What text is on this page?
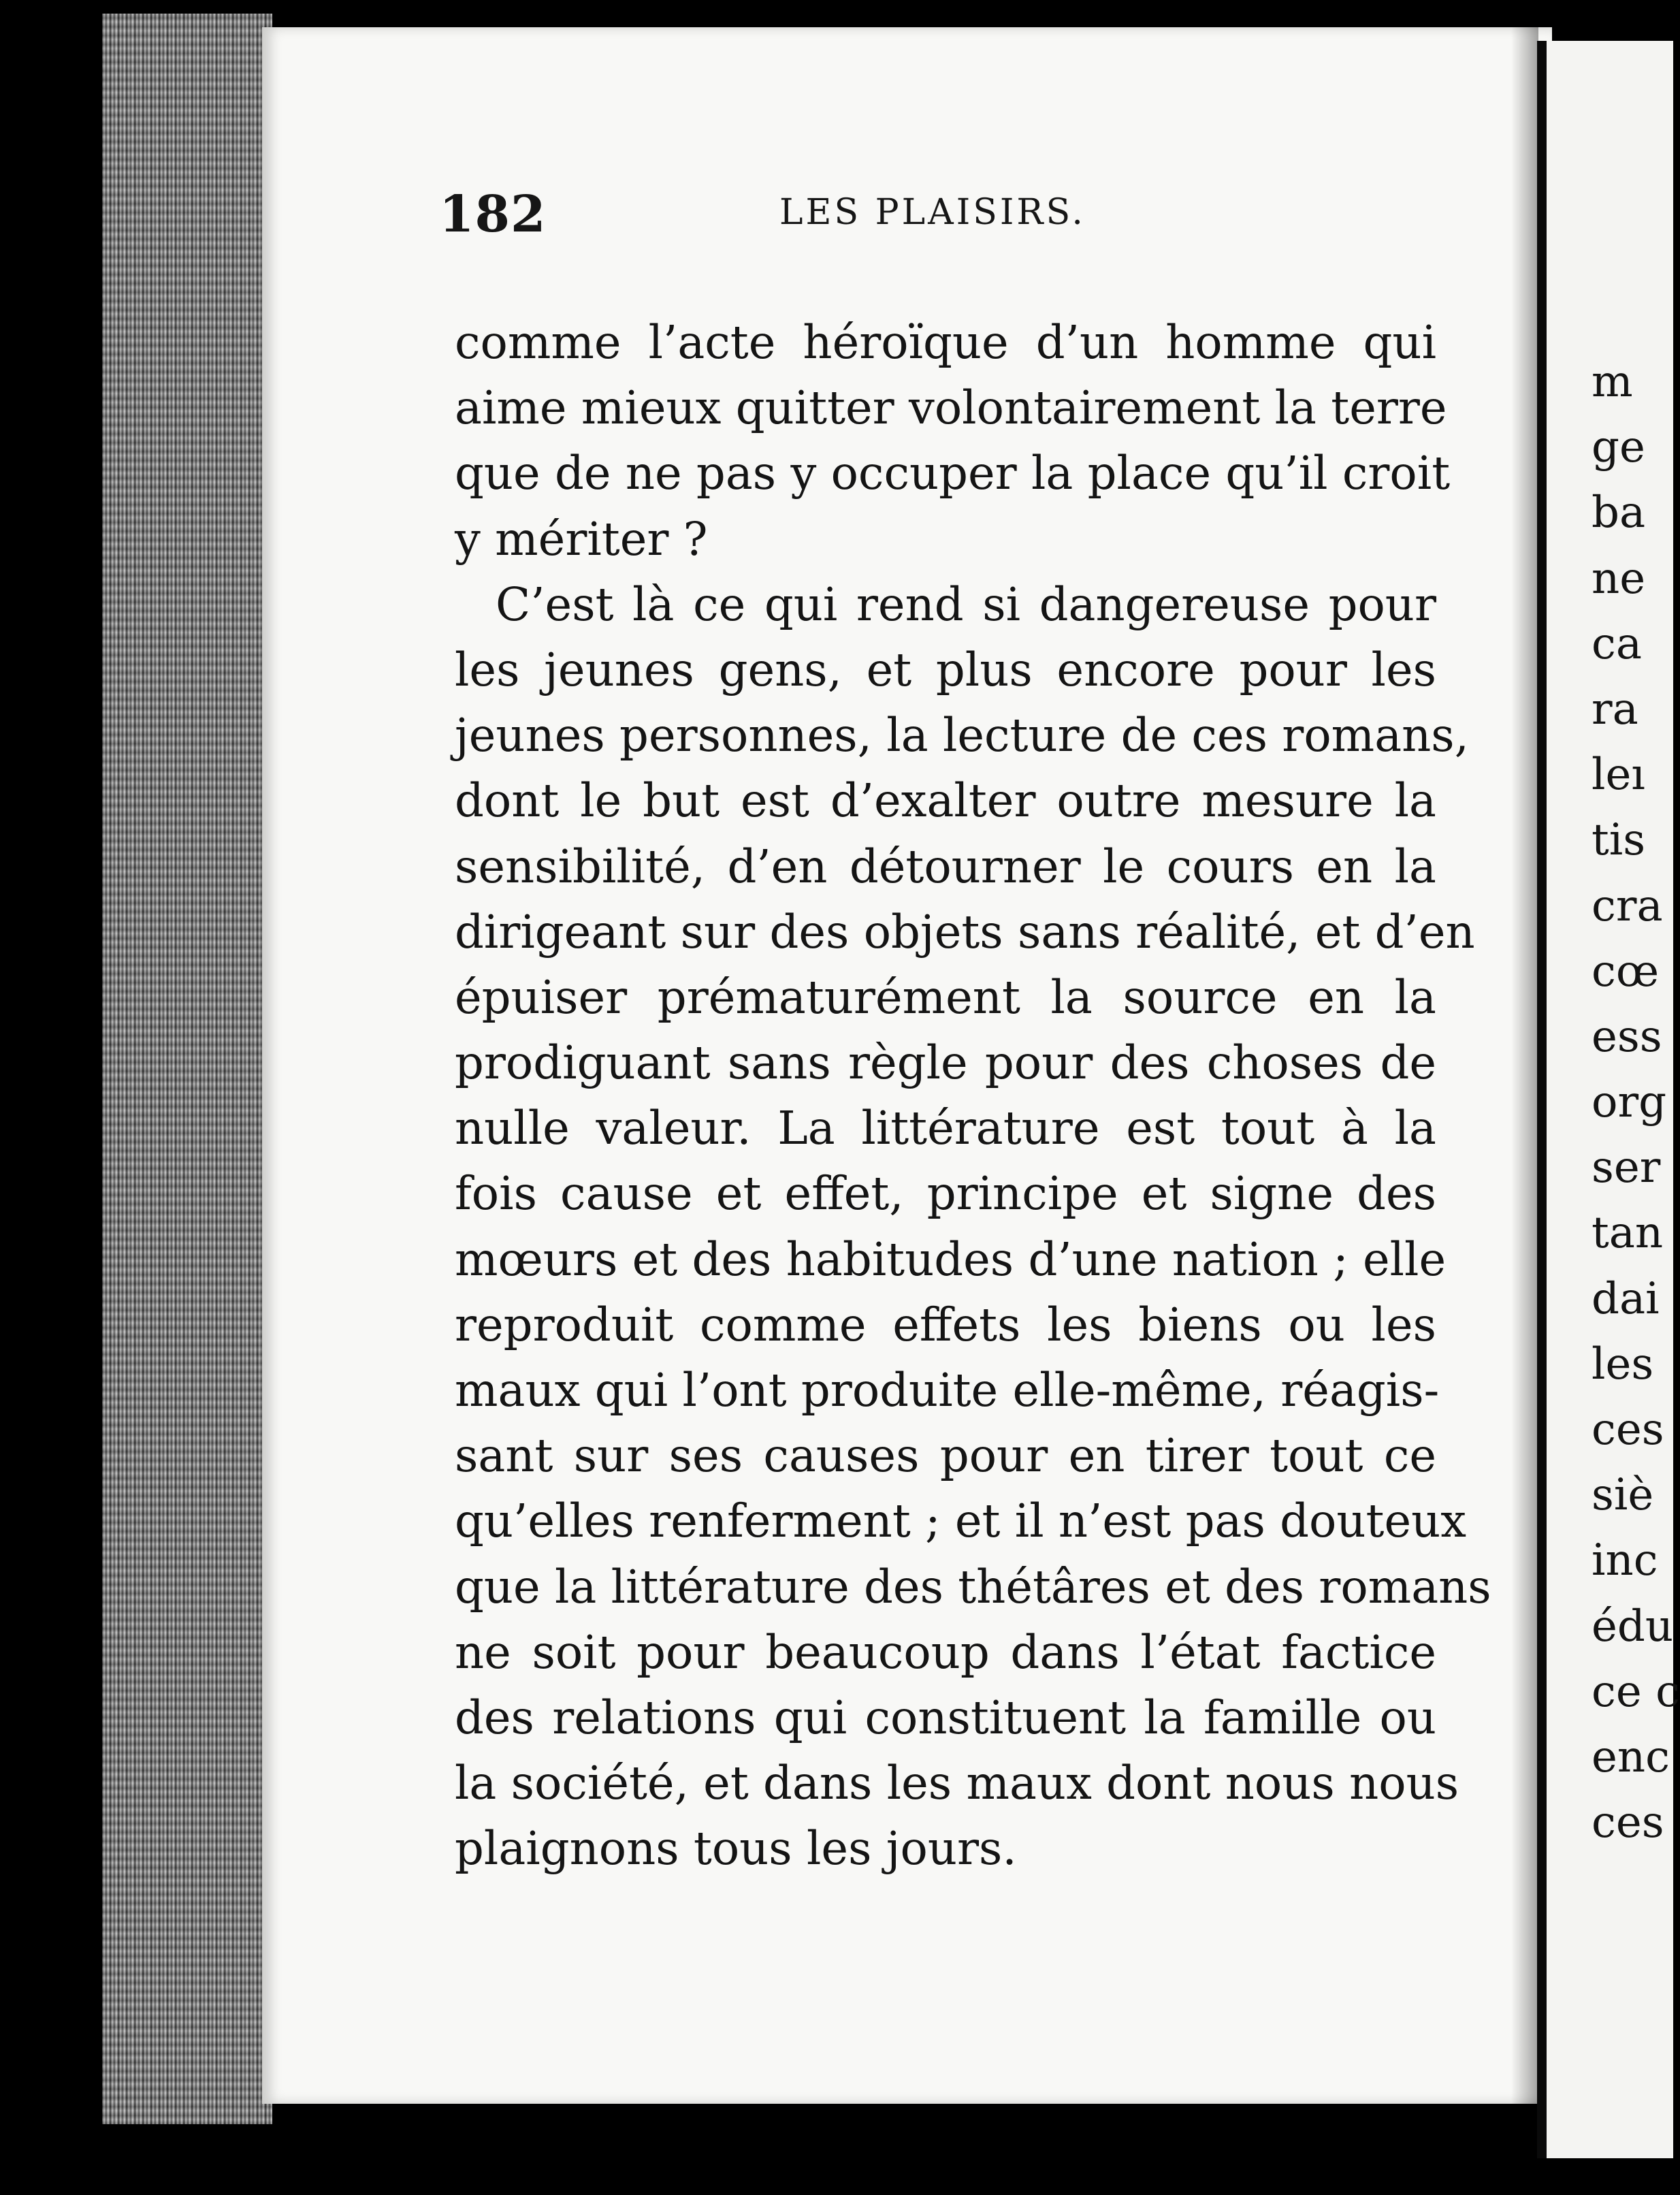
182	LES PLAISIRS.
comme l’acte héroïque d’un homme qui
aime mieux quitter volontairement la terre
que de ne pas y occuper la place qu’il croit
y mériter ?
C’est là ce qui rend si dangereuse pour
les jeunes gens, et plus encore pour les
jeunes personnes, la lecture de ces romans,
dont le but est d’exalter outre mesure la
sensibilité, d’en détourner le cours en la
dirigeant sur des objets sans réalité, et d’en
épuiser prématurément la source en la
prodiguant sans règle pour des choses de
nulle valeur. La littérature est tout à la
fois cause et effet, principe et signe des
mœurs et des habitudes d’une nation ; elle
reproduit comme effets les biens ou les
maux qui l’ont produite elle-même, réagis-
sant sur ses causes pour en tirer tout ce
qu’elles renferment ; et il n’est pas douteux
que la littérature des thétâres et des romans
ne soit pour beaucoup dans l’état factice
des relations qui constituent la famille ou
la société, et dans les maux dont nous nous
plaignons tous les jours.
m
ge
ba
ne
ca
ra
leı
tis
cra
cœ
ess
org
ser
tan
dai
les
ces
siè
inc
édu
ce c
enc
ces
